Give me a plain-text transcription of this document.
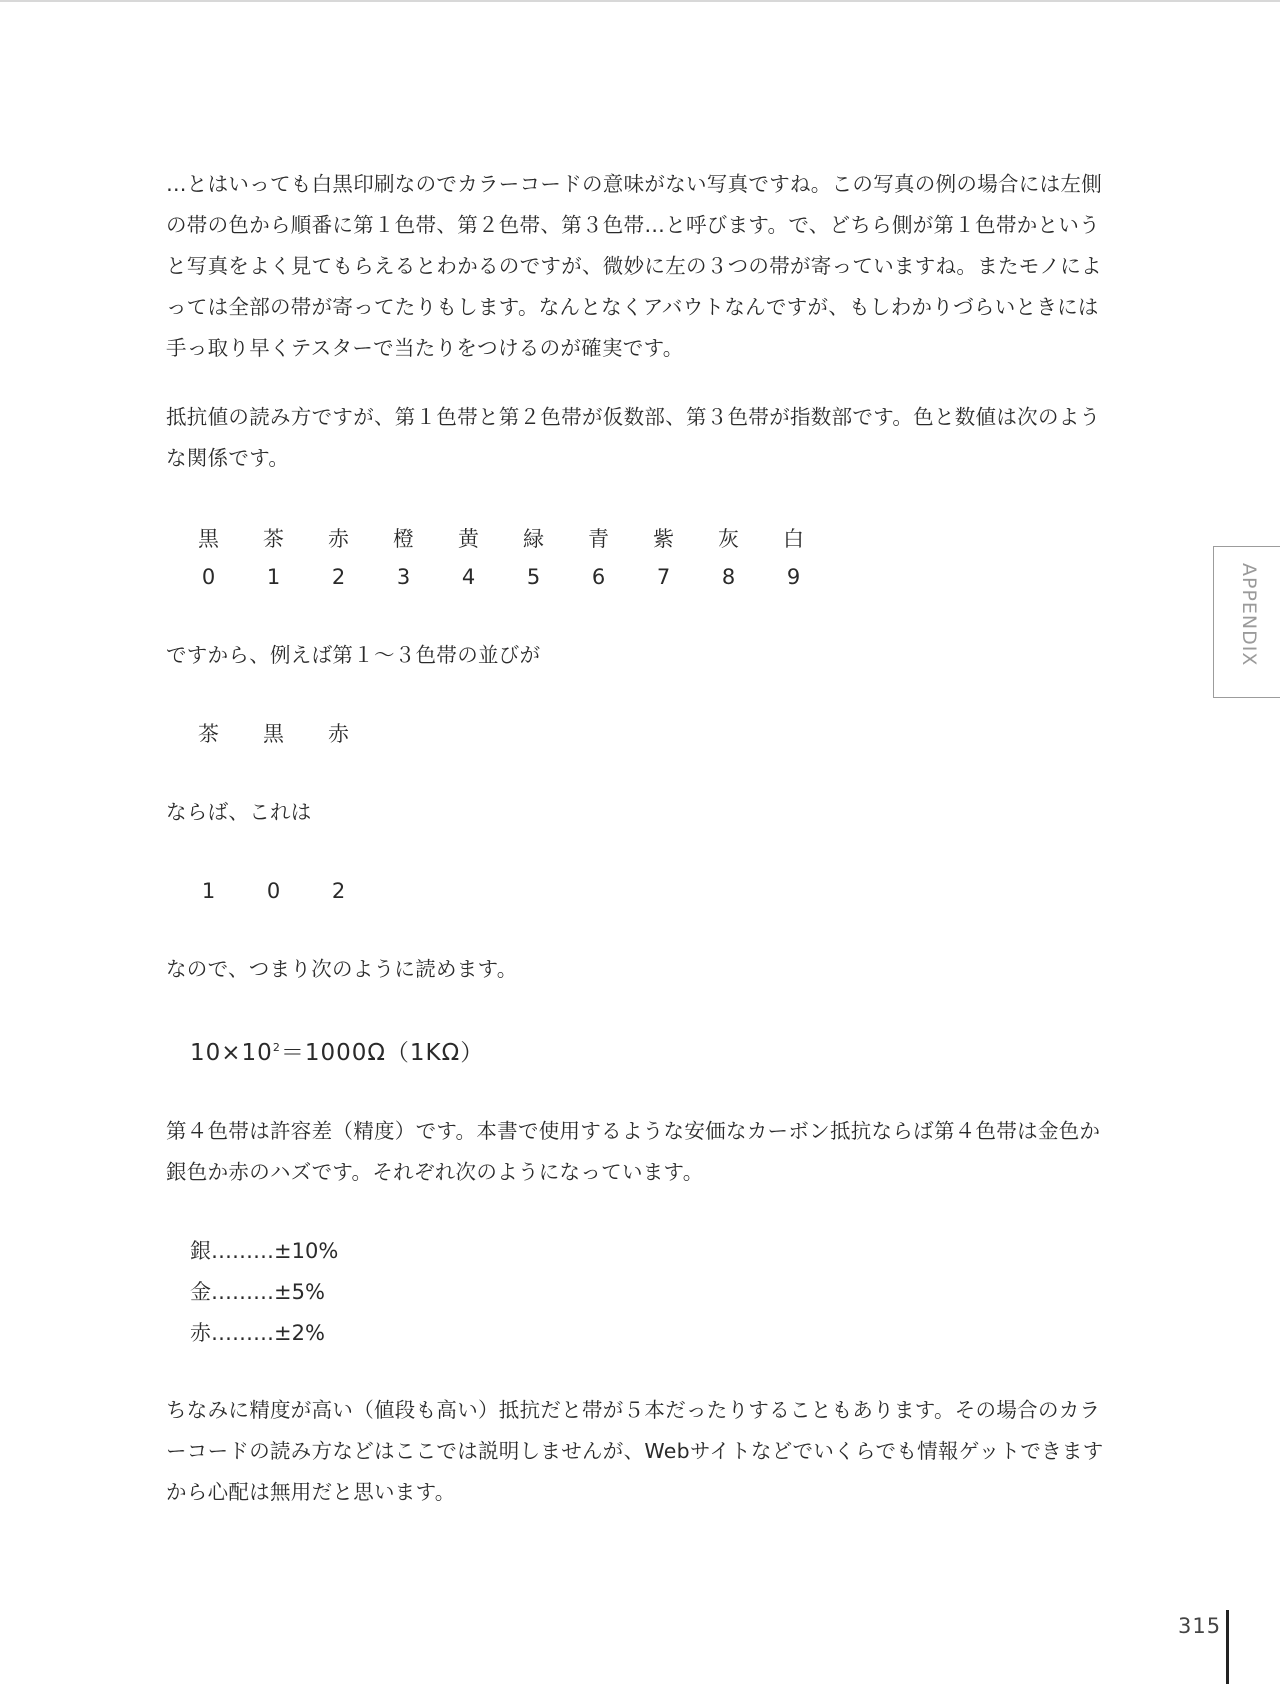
…とはいっても白黒印刷なのでカラーコードの意味がない写真ですね。この写真の例の場合には左側の帯の色から順番に第１色帯、第２色帯、第３色帯…と呼びます。で、どちら側が第１色帯かというと写真をよく見てもらえるとわかるのですが、微妙に左の３つの帯が寄っていますね。またモノによっては全部の帯が寄ってたりもします。なんとなくアバウトなんですが、もしわかりづらいときには手っ取り早くテスターで当たりをつけるのが確実です。

抵抗値の読み方ですが、第１色帯と第２色帯が仮数部、第３色帯が指数部です。色と数値は次のような関係です。

黒	茶	赤	橙	黄	緑	青	紫	灰	白
0	1	2	3	4	5	6	7	8	9

ですから、例えば第１～３色帯の並びが

茶	黒	赤

ならば、これは

1	0	2

なので、つまり次のように読めます。

$10\times 10^2=1000\Omega(1K\Omega)$

第４色帯は許容差（精度）です。本書で使用するような安価なカーボン抵抗ならば第４色帯は金色か銀色か赤のハズです。それぞれ次のようになっています。

銀………±10%
金………±5%
赤………±2%

ちなみに精度が高い（値段も高い）抵抗だと帯が５本だったりすることもあります。その場合のカラーコードの読み方などはここでは説明しませんが、Webサイトなどでいくらでも情報ゲットできますから心配は無用だと思います。

APPENDIX
315
